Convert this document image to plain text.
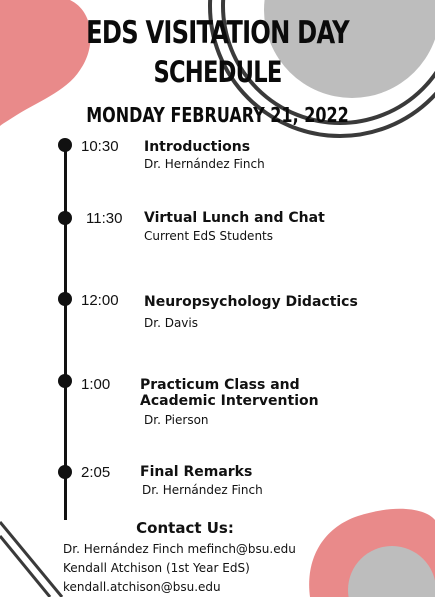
EDS VISITATION DAY
SCHEDULE
MONDAY FEBRUARY 21, 2022
10:30 Introductions
Dr. Hernández Finch
11:30 Virtual Lunch and Chat
Current EdS Students
12:00 Neuropsychology Didactics
Dr. Davis
1:00 Practicum Class and
Academic Intervention
Dr. Pierson
2:05 Final Remarks
Dr. Hernández Finch
Contact Us:
Dr. Hernández Finch mefinch@bsu.edu
Kendall Atchison (1st Year EdS)
kendall.atchison@bsu.edu
